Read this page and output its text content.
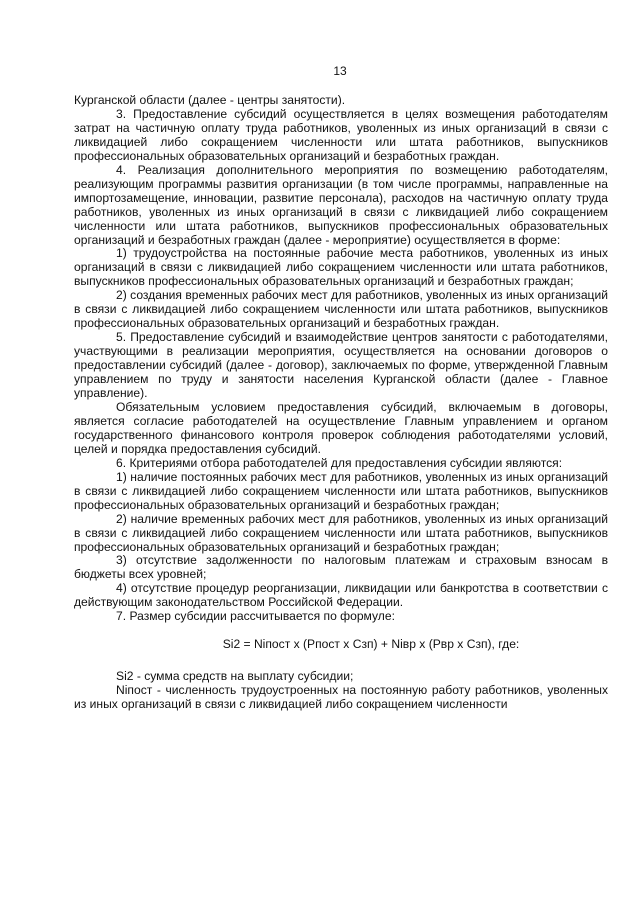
13

Курганской области (далее - центры занятости).

3. Предоставление субсидий осуществляется в целях возмещения работодателям затрат на частичную оплату труда работников, уволенных из иных организаций в связи с ликвидацией либо сокращением численности или штата работников, выпускников профессиональных образовательных организаций и безработных граждан.

4. Реализация дополнительного мероприятия по возмещению работодателям, реализующим программы развития организации (в том числе программы, направленные на импортозамещение, инновации, развитие персонала), расходов на частичную оплату труда работников, уволенных из иных организаций в связи с ликвидацией либо сокращением численности или штата работников, выпускников профессиональных образовательных организаций и безработных граждан (далее - мероприятие) осуществляется в форме:

1) трудоустройства на постоянные рабочие места работников, уволенных из иных организаций в связи с ликвидацией либо сокращением численности или штата работников, выпускников профессиональных образовательных организаций и безработных граждан;

2) создания временных рабочих мест для работников, уволенных из иных организаций в связи с ликвидацией либо сокращением численности или штата работников, выпускников профессиональных образовательных организаций и безработных граждан.

5. Предоставление субсидий и взаимодействие центров занятости с работодателями, участвующими в реализации мероприятия, осуществляется на основании договоров о предоставлении субсидий (далее - договор), заключаемых по форме, утвержденной Главным управлением по труду и занятости населения Курганской области (далее - Главное управление).

Обязательным условием предоставления субсидий, включаемым в договоры, является согласие работодателей на осуществление Главным управлением и органом государственного финансового контроля проверок соблюдения работодателями условий, целей и порядка предоставления субсидий.

6. Критериями отбора работодателей для предоставления субсидии являются:

1) наличие постоянных рабочих мест для работников, уволенных из иных организаций в связи с ликвидацией либо сокращением численности или штата работников, выпускников профессиональных образовательных организаций и безработных граждан;

2) наличие временных рабочих мест для работников, уволенных из иных организаций в связи с ликвидацией либо сокращением численности или штата работников, выпускников профессиональных образовательных организаций и безработных граждан;

3) отсутствие задолженности по налоговым платежам и страховым взносам в бюджеты всех уровней;

4) отсутствие процедур реорганизации, ликвидации или банкротства в соответствии с действующим законодательством Российской Федерации.

7. Размер субсидии рассчитывается по формуле:

Si2 = Niпост х (Рпост х Сзп) + Niвр х (Рвр х Сзп), где:

Si2 - сумма средств на выплату субсидии;

Niпост - численность трудоустроенных на постоянную работу работников, уволенных из иных организаций в связи с ликвидацией либо сокращением численности
